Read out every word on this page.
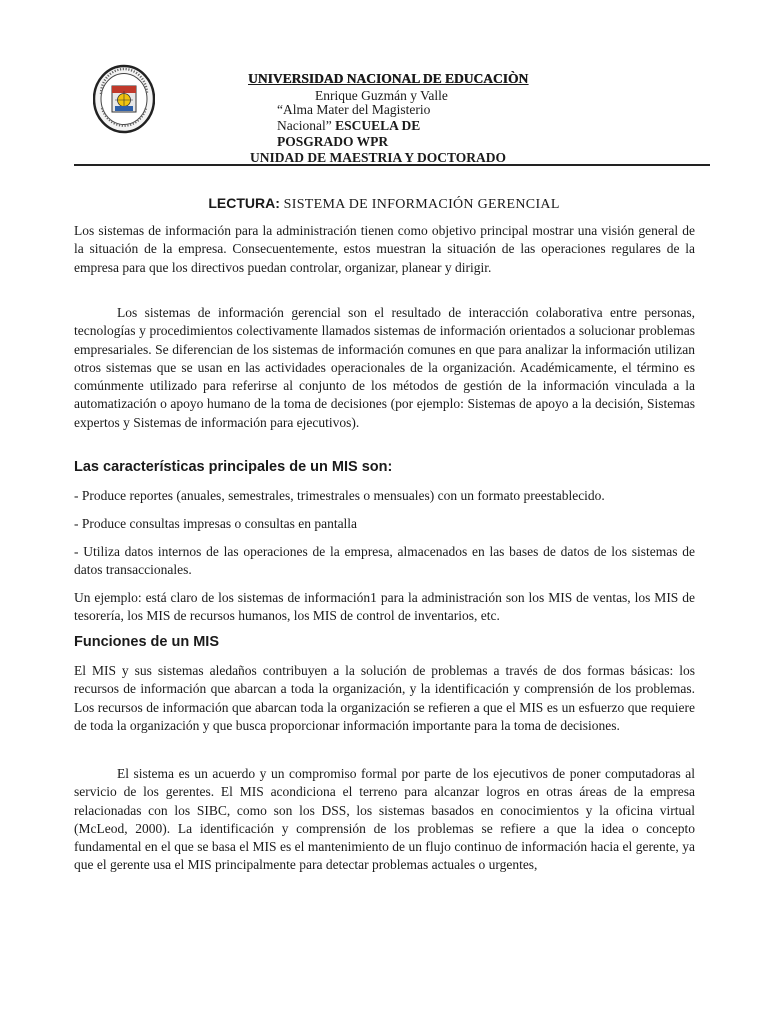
UNIVERSIDAD NACIONAL DE EDUCACIÒN
Enrique Guzmán y Valle
“Alma Mater del Magisterio
Nacional” ESCUELA DE
POSGRADO WPR
UNIDAD DE MAESTRIA Y DOCTORADO
LECTURA: SISTEMA DE INFORMACIÓN GERENCIAL
Los sistemas de información para la administración tienen como objetivo principal mostrar una visión general de la situación de la empresa. Consecuentemente, estos muestran la situación de las operaciones regulares de la empresa para que los directivos puedan controlar, organizar, planear y dirigir.
Los sistemas de información gerencial son el resultado de interacción colaborativa entre personas, tecnologías y procedimientos colectivamente llamados sistemas de información orientados a solucionar problemas empresariales. Se diferencian de los sistemas de información comunes en que para analizar la información utilizan otros sistemas que se usan en las actividades operacionales de la organización. Académicamente, el término es comúnmente utilizado para referirse al conjunto de los métodos de gestión de la información vinculada a la automatización o apoyo humano de la toma de decisiones (por ejemplo: Sistemas de apoyo a la decisión, Sistemas expertos y Sistemas de información para ejecutivos).
Las características principales de un MIS son:
- Produce reportes (anuales, semestrales, trimestrales o mensuales) con un formato preestablecido.
- Produce consultas impresas o consultas en pantalla
- Utiliza datos internos de las operaciones de la empresa, almacenados en las bases de datos de los sistemas de datos transaccionales.
Un ejemplo: está claro de los sistemas de información1 para la administración son los MIS de ventas, los MIS de tesorería, los MIS de recursos humanos, los MIS de control de inventarios, etc.
Funciones de un MIS
El MIS y sus sistemas aledaños contribuyen a la solución de problemas a través de dos formas básicas: los recursos de información que abarcan a toda la organización, y la identificación y comprensión de los problemas. Los recursos de información que abarcan toda la organización se refieren a que el MIS es un esfuerzo que requiere de toda la organización y que busca proporcionar información importante para la toma de decisiones.
El sistema es un acuerdo y un compromiso formal por parte de los ejecutivos de poner computadoras al servicio de los gerentes. El MIS acondiciona el terreno para alcanzar logros en otras áreas de la empresa relacionadas con los SIBC, como son los DSS, los sistemas basados en conocimientos y la oficina virtual (McLeod, 2000). La identificación y comprensión de los problemas se refiere a que la idea o concepto fundamental en el que se basa el MIS es el mantenimiento de un flujo continuo de información hacia el gerente, ya que el gerente usa el MIS principalmente para detectar problemas actuales o urgentes,
